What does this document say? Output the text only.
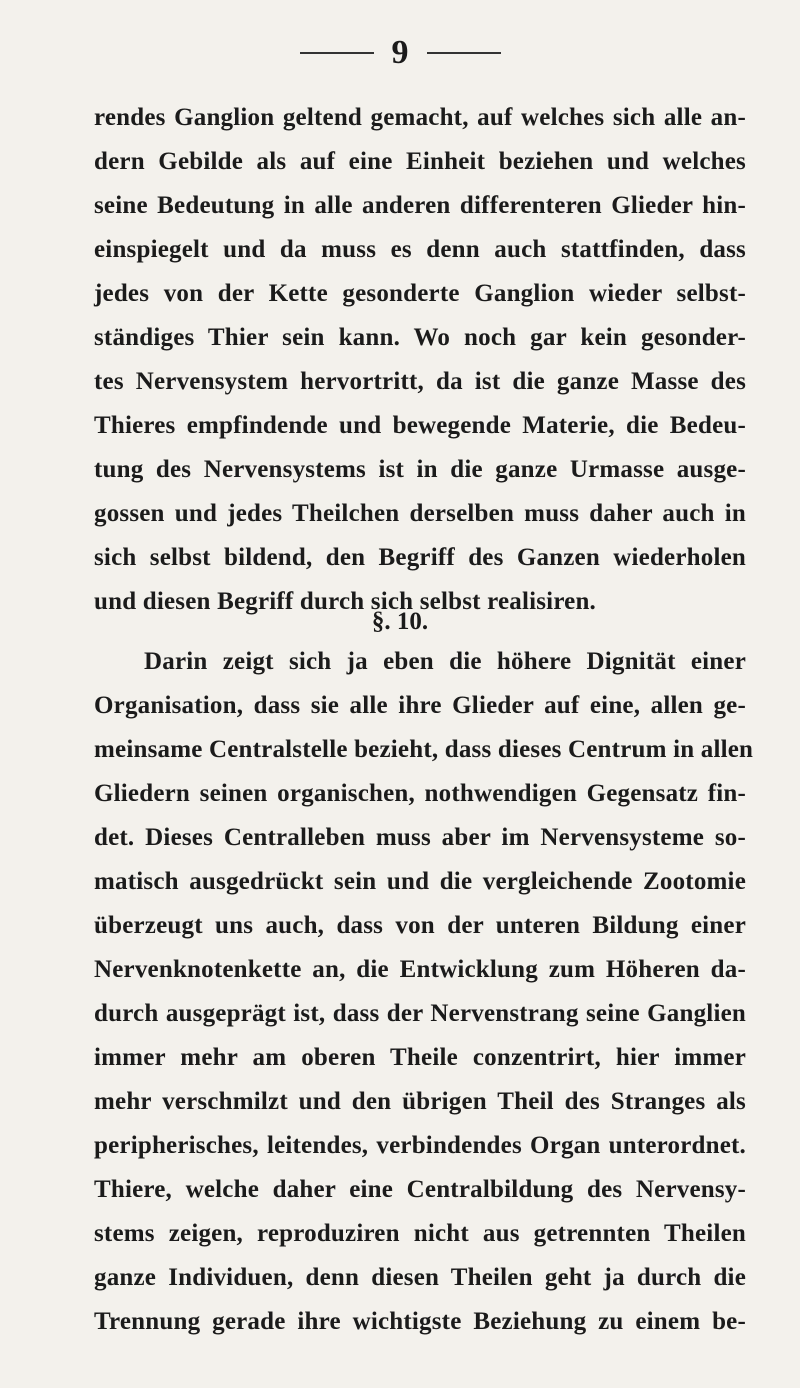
9
rendes Ganglion geltend gemacht, auf welches sich alle an-
dern Gebilde als auf eine Einheit beziehen und welches
seine Bedeutung in alle anderen differenteren Glieder hin-
einspiegelt und da muss es denn auch stattfinden, dass
jedes von der Kette gesonderte Ganglion wieder selbst-
ständiges Thier sein kann. Wo noch gar kein gesonder-
tes Nervensystem hervortritt, da ist die ganze Masse des
Thieres empfindende und bewegende Materie, die Bedeu-
tung des Nervensystems ist in die ganze Urmasse ausge-
gossen und jedes Theilchen derselben muss daher auch in
sich selbst bildend, den Begriff des Ganzen wiederholen
und diesen Begriff durch sich selbst realisiren.
§. 10.
Darin zeigt sich ja eben die höhere Dignität einer
Organisation, dass sie alle ihre Glieder auf eine, allen ge-
meinsame Centralstelle bezieht, dass dieses Centrum in allen
Gliedern seinen organischen, nothwendigen Gegensatz fin-
det. Dieses Centralleben muss aber im Nervensysteme so-
matisch ausgedrückt sein und die vergleichende Zootomie
überzeugt uns auch, dass von der unteren Bildung einer
Nervenknotenkette an, die Entwicklung zum Höheren da-
durch ausgeprägt ist, dass der Nervenstrang seine Ganglien
immer mehr am oberen Theile conzentrirt, hier immer
mehr verschmilzt und den übrigen Theil des Stranges als
peripherisches, leitendes, verbindendes Organ unterordnet.
Thiere, welche daher eine Centralbildung des Nervensy-
stems zeigen, reproduziren nicht aus getrennten Theilen
ganze Individuen, denn diesen Theilen geht ja durch die
Trennung gerade ihre wichtigste Beziehung zu einem be-
